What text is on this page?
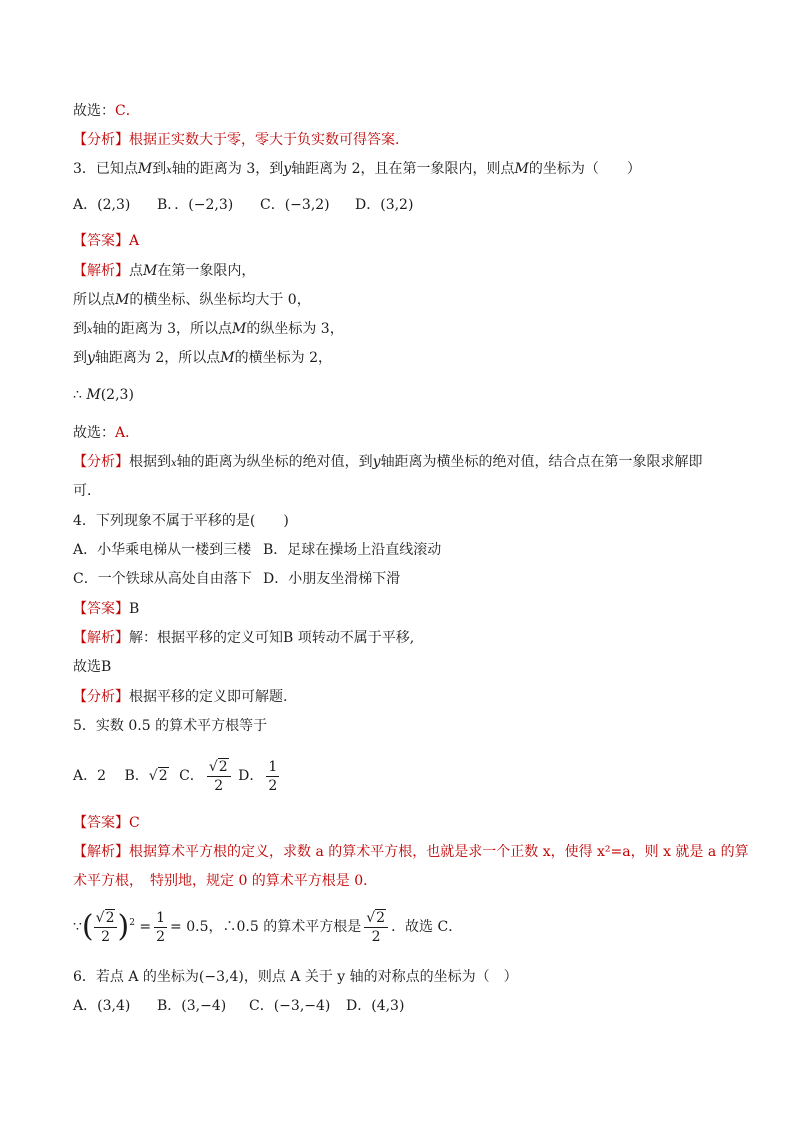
故选：C．
【分析】根据正实数大于零，零大于负实数可得答案．
3．已知点M到x轴的距离为 3，到y轴距离为 2，且在第一象限内，则点M的坐标为（　　）
A．(2,3) B．．(−2,3) C．(−3,2) D．(3,2)
【答案】A
【解析】点M在第一象限内，
所以点M的横坐标、纵坐标均大于 0，
到x轴的距离为 3，所以点M的纵坐标为 3，
到y轴距离为 2，所以点M的横坐标为 2，
∴ M(2,3)
故选：A．
【分析】根据到x轴的距离为纵坐标的绝对值，到y轴距离为横坐标的绝对值，结合点在第一象限求解即
可．
4．下列现象不属于平移的是(　　)
A．小华乘电梯从一楼到三楼 B．足球在操场上沿直线滚动
C．一个铁球从高处自由落下 D．小朋友坐滑梯下滑
【答案】B
【解析】解：根据平移的定义可知B 项转动不属于平移,
故选B
【分析】根据平移的定义即可解题.
5．实数 0.5 的算术平方根等于
A．2 B．√2 C． $\frac{√2}{2}$ D． $\frac{1}{2}$
【答案】C
【解析】根据算术平方根的定义，求数 a 的算术平方根，也就是求一个正数 x，使得 x²=a，则 x 就是 a 的算
术平方根，　特别地，规定 0 的算术平方根是 0．
∵( $\frac{√2}{2} )^2 = \frac{1}{2} = 0.5$，∴0.5 的算术平方根是 $\frac{√2}{2}$ ．故选 C．
6．若点 A 的坐标为(−3,4)，则点 A 关于 y 轴的对称点的坐标为（　）
A．(3,4) B．(3,−4) C．(−3,−4) D．(4,3)
